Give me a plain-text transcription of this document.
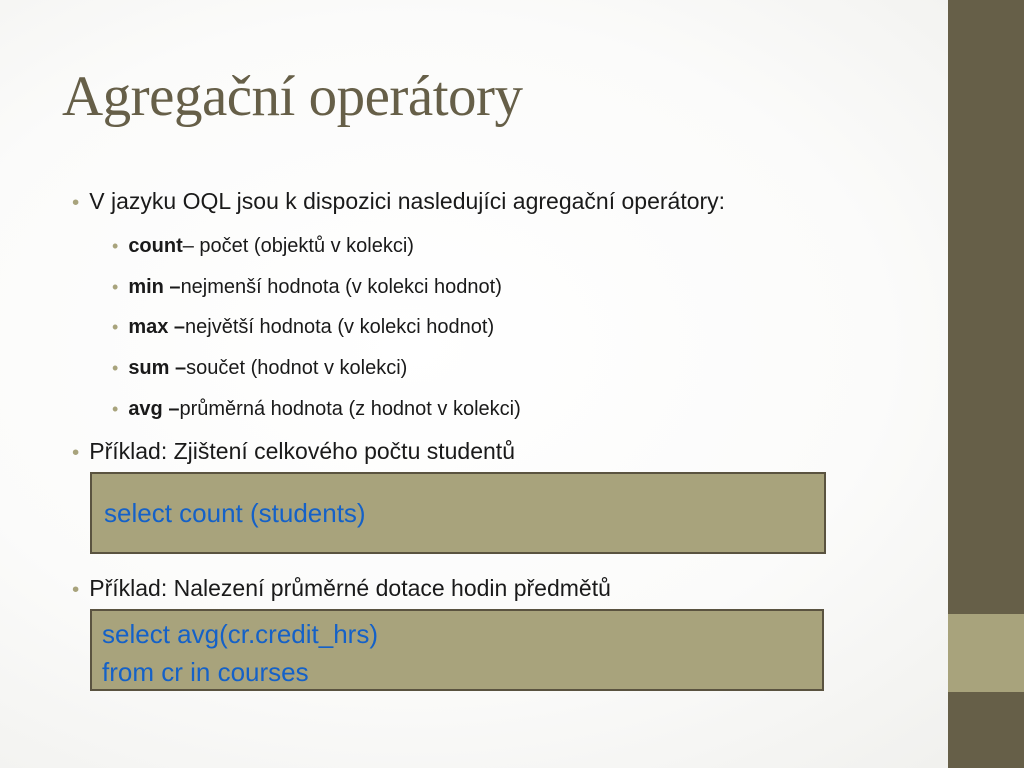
Agregační operátory
• V jazyku OQL jsou k dispozici nasledujíci agregační operátory:
• count – počet (objektů v kolekci)
• min – nejmenší hodnota (v kolekci hodnot)
• max – největší hodnota (v kolekci hodnot)
• sum – součet (hodnot v kolekci)
• avg – průměrná hodnota (z hodnot v kolekci)
• Příklad: Zjištení celkového počtu studentů
select count (students)
• Příklad: Nalezení průměrné dotace hodin předmětů
select avg(cr.credit_hrs)
from cr in courses
